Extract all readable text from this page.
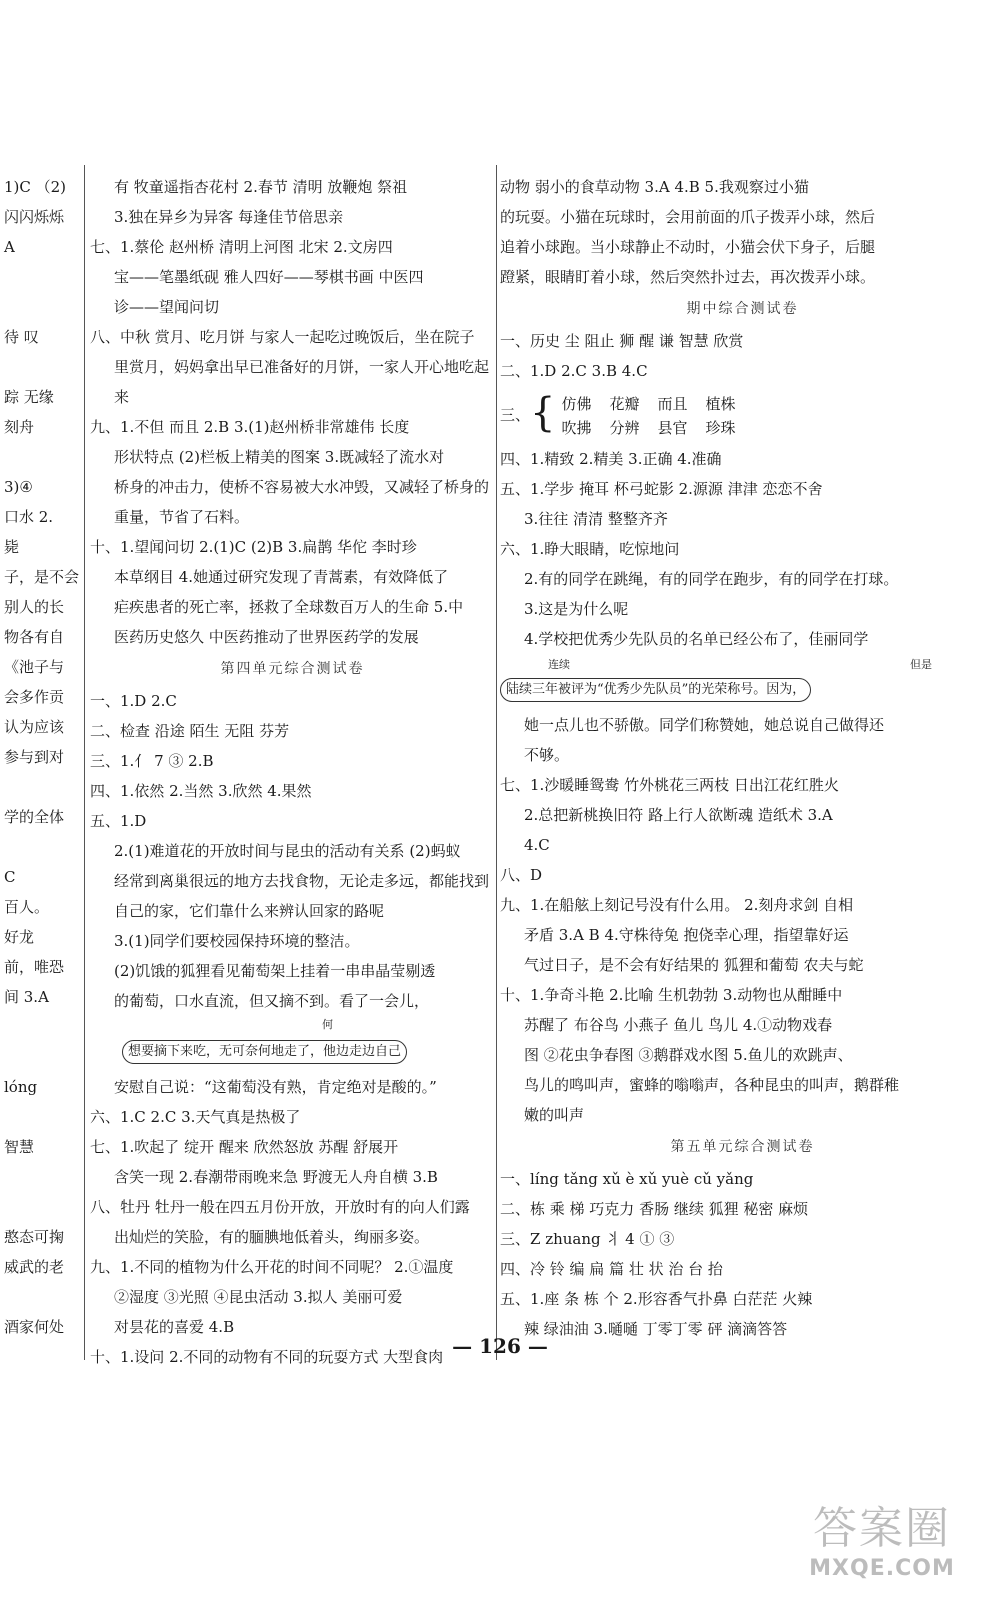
1)C （2)
闪闪烁烁
A
待 叹
踪 无缘
刻舟
3)④
口水 2.
毙
子，是不会
别人的长
物各有自
《池子与
会多作贡
认为应该
参与到对
学的全体
C
百人。
好龙
前，唯恐
间 3.A
lóng
智慧
憨态可掬
威武的老
酒家何处
有 牧童遥指杏花村 2.春节 清明 放鞭炮 祭祖
3.独在异乡为异客 每逢佳节倍思亲
七、1.蔡伦 赵州桥 清明上河图 北宋 2.文房四
宝——笔墨纸砚 雅人四好——琴棋书画 中医四
诊——望闻问切
八、中秋 赏月、吃月饼 与家人一起吃过晚饭后，坐在院子
里赏月，妈妈拿出早已准备好的月饼，一家人开心地吃起
来
九、1.不但 而且 2.B 3.(1)赵州桥非常雄伟 长度
形状特点 (2)栏板上精美的图案 3.既减轻了流水对
桥身的冲击力，使桥不容易被大水冲毁，又减轻了桥身的
重量，节省了石料。
十、1.望闻问切 2.(1)C (2)B 3.扁鹊 华佗 李时珍
本草纲目 4.她通过研究发现了青蒿素，有效降低了
疟疾患者的死亡率，拯救了全球数百万人的生命 5.中
医药历史悠久 中医药推动了世界医药学的发展
第四单元综合测试卷
一、1.D 2.C
二、检查 沿途 陌生 无阻 芬芳
三、1.亻 7 ③ 2.B
四、1.依然 2.当然 3.欣然 4.果然
五、1.D
2.(1)难道花的开放时间与昆虫的活动有关系 (2)蚂蚁
经常到离巢很远的地方去找食物，无论走多远，都能找到
自己的家，它们靠什么来辨认回家的路呢
3.(1)同学们要校园保持环境的整洁。
(2)饥饿的狐狸看见葡萄架上挂着一串串晶莹剔透
的葡萄，口水直流，但又摘不到。看了一会儿，
何
想要摘下来吃，无可奈何地走了，他边走边自己
安慰自己说：“这葡萄没有熟，肯定绝对是酸的。”
六、1.C 2.C 3.天气真是热极了
七、1.吹起了 绽开 醒来 欣然怒放 苏醒 舒展开
含笑一现 2.春潮带雨晚来急 野渡无人舟自横 3.B
八、牡丹 牡丹一般在四五月份开放，开放时有的向人们露
出灿烂的笑脸，有的腼腆地低着头，绚丽多姿。
九、1.不同的植物为什么开花的时间不同呢？ 2.①温度
②湿度 ③光照 ④昆虫活动 3.拟人 美丽可爱
对昙花的喜爱 4.B
十、1.设问 2.不同的动物有不同的玩耍方式 大型食肉
动物 弱小的食草动物 3.A 4.B 5.我观察过小猫
的玩耍。小猫在玩球时，会用前面的爪子拨弄小球，然后
追着小球跑。当小球静止不动时，小猫会伏下身子，后腿
蹬紧，眼睛盯着小球，然后突然扑过去，再次拨弄小球。
期中综合测试卷
一、历史 尘 阻止 狮 醒 谦 智慧 欣赏
二、1.D 2.C 3.B 4.C
三、{ 仿佛
吹拂
花瓣
分辨
而且
县官
植株
珍珠
四、1.精致 2.精美 3.正确 4.准确
五、1.学步 掩耳 杯弓蛇影 2.源源 津津 恋恋不舍
3.往往 清清 整整齐齐
六、1.睁大眼睛，吃惊地问
2.有的同学在跳绳，有的同学在跑步，有的同学在打球。
3.这是为什么呢
4.学校把优秀少先队员的名单已经公布了，佳丽同学
连续	但是
陆续三年被评为“优秀少先队员”的光荣称号。因为，
她一点儿也不骄傲。同学们称赞她，她总说自己做得还
不够。
七、1.沙暖睡鸳鸯 竹外桃花三两枝 日出江花红胜火
2.总把新桃换旧符 路上行人欲断魂 造纸术 3.A
4.C
八、D
九、1.在船舷上刻记号没有什么用。 2.刻舟求剑 自相
矛盾 3.A B 4.守株待兔 抱侥幸心理，指望靠好运
气过日子，是不会有好结果的 狐狸和葡萄 农夫与蛇
十、1.争奇斗艳 2.比喻 生机勃勃 3.动物也从酣睡中
苏醒了 布谷鸟 小燕子 鱼儿 鸟儿 4.①动物戏春
图 ②花虫争春图 ③鹅群戏水图 5.鱼儿的欢跳声、
鸟儿的鸣叫声，蜜蜂的嗡嗡声，各种昆虫的叫声，鹅群稚
嫩的叫声
第五单元综合测试卷
一、líng tǎng xǔ è xǔ yuè cǔ yǎng
二、栋 乘 梯 巧克力 香肠 继续 狐狸 秘密 麻烦
三、Z zhuang 丬 4 ① ③
四、冷 铃 编 扁 篇 壮 状 治 台 抬
五、1.座 条 栋 个 2.形容香气扑鼻 白茫茫 火辣
辣 绿油油 3.嗵嗵 丁零丁零 砰 滴滴答答
— 126 —
答案圈
MXQE.COM
